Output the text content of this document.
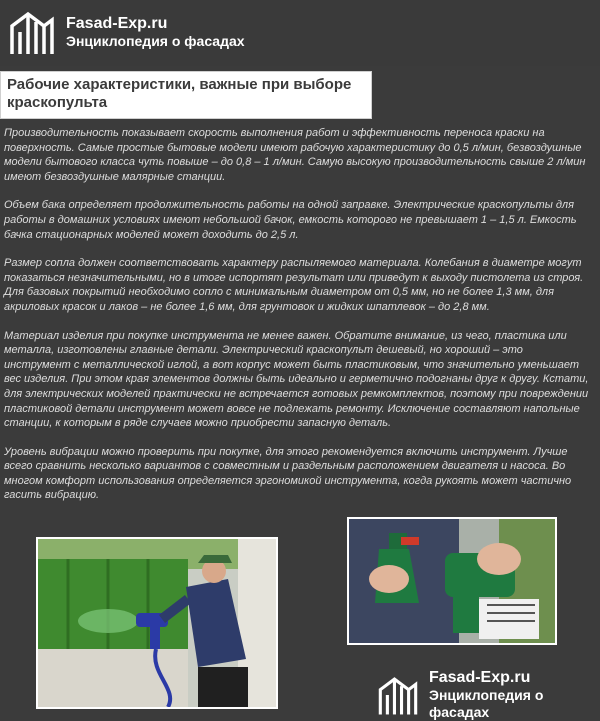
Fasad-Exp.ru
Энциклопедия о фасадах
Рабочие характеристики, важные при выборе краскопульта

Производительность показывает скорость выполнения работ и эффективность переноса краски на поверхность. Самые простые бытовые модели имеют рабочую характеристику до 0,5 л/мин, безвоздушные модели бытового класса чуть повыше – до 0,8 – 1 л/мин. Самую высокую производительность свыше 2 л/мин имеют безвоздушные малярные станции.

Объем бака определяет продолжительность работы на одной заправке. Электрические краскопульты для работы в домашних условиях имеют небольшой бачок, емкость которого не превышает 1 – 1,5 л. Емкость бачка стационарных моделей может доходить до 2,5 л.

Размер сопла должен соответствовать характеру распыляемого материала. Колебания в диаметре могут показаться незначительными, но в итоге испортят результат или приведут к выходу пистолета из строя. Для базовых покрытий необходимо сопло с минимальным диаметром от 0,5 мм, но не более 1,3 мм, для акриловых красок и лаков – не более 1,6 мм, для грунтовок и жидких шпатлевок – до 2,8 мм.

Материал изделия при покупке инструмента не менее важен. Обратите внимание, из чего, пластика или металла, изготовлены главные детали. Электрический краскопульт дешевый, но хороший – это инструмент с металлической иглой, а вот корпус может быть пластиковым, что значительно уменьшает вес изделия. При этом края элементов должны быть идеально и герметично подогнаны друг к другу. Кстати, для электрических моделей практически не встречается готовых ремкомплектов, поэтому при повреждении пластиковой детали инструмент может вовсе не подлежать ремонту. Исключение составляют напольные станции, к которым в ряде случаев можно приобрести запасную деталь.

Уровень вибрации можно проверить при покупке, для этого рекомендуется включить инструмент. Лучше всего сравнить несколько вариантов с совместным и раздельным расположением двигателя и насоса. Во многом комфорт использования определяется эргономикой инструмента, когда рукоять может частично гасить вибрацию.

Fasad-Exp.ru
Энциклопедия о фасадах
